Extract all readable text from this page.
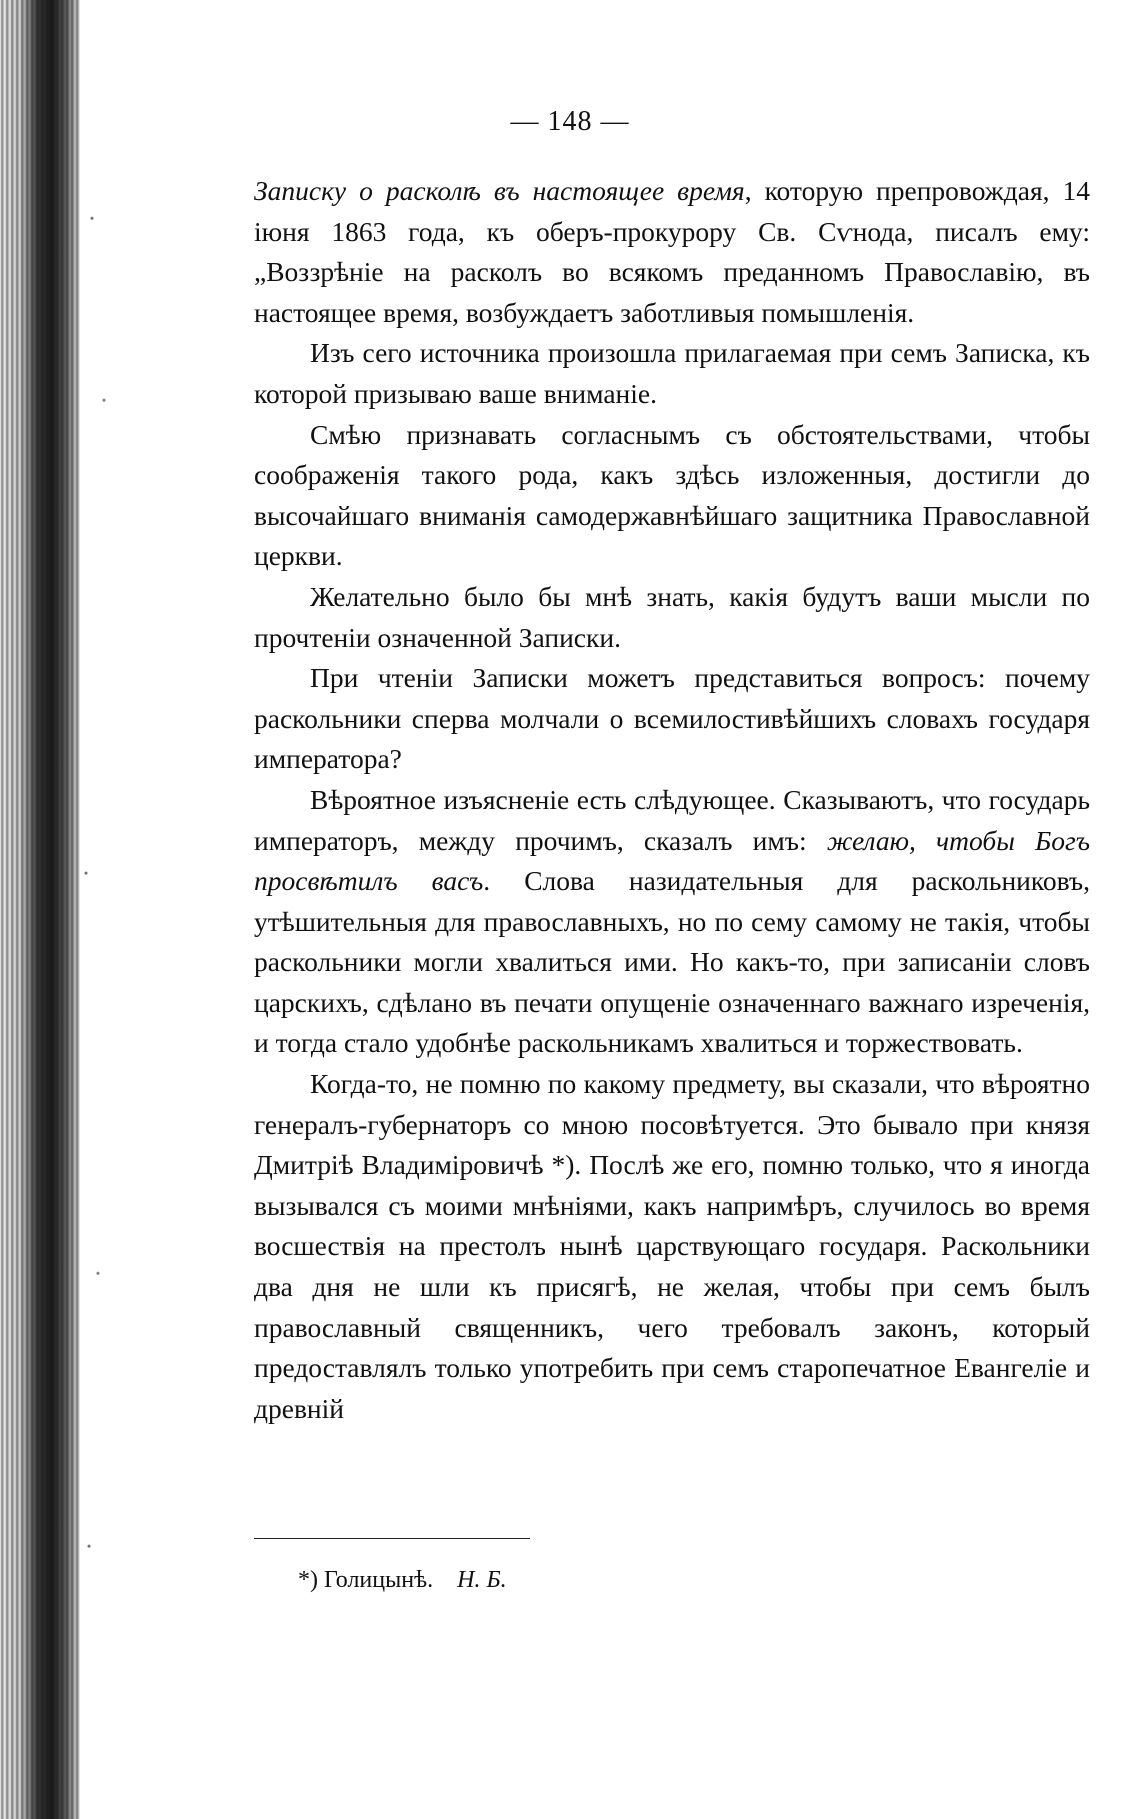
— 148 —

Записку о расколѣ въ настоящее время, которую препровождая, 14 іюня 1863 года, къ оберъ-прокурору Св. Сѵнода, писалъ ему: „Воззрѣніе на расколъ во всякомъ преданномъ Православію, въ настоящее время, возбуждаетъ заботливыя помышленія.

Изъ сего источника произошла прилагаемая при семъ Записка, къ которой призываю ваше вниманіе.

Смѣю признавать согласнымъ съ обстоятельствами, чтобы соображенія такого рода, какъ здѣсь изложенныя, достигли до высочайшаго вниманія самодержавнѣйшаго защитника Православной церкви.

Желательно было бы мнѣ знать, какія будутъ ваши мысли по прочтеніи означенной Записки.

При чтеніи Записки можетъ представиться вопросъ: почему раскольники сперва молчали о всемилостивѣйшихъ словахъ государя императора?

Вѣроятное изъясненіе есть слѣдующее. Сказываютъ, что государь императоръ, между прочимъ, сказалъ имъ: желаю, чтобы Богъ просвѣтилъ васъ. Слова назидательныя для раскольниковъ, утѣшительныя для православныхъ, но по сему самому не такія, чтобы раскольники могли хвалиться ими. Но какъ-то, при записаніи словъ царскихъ, сдѣлано въ печати опущеніе означеннаго важнаго изреченія, и тогда стало удобнѣе раскольникамъ хвалиться и торжествовать.

Когда-то, не помню по какому предмету, вы сказали, что вѣроятно генералъ-губернаторъ со мною посовѣтуется. Это бывало при князя Дмитріѣ Владиміровичѣ *). Послѣ же его, помню только, что я иногда вызывался съ моими мнѣніями, какъ напримѣръ, случилось во время восшествія на престолъ нынѣ царствующаго государя. Раскольники два дня не шли къ присягѣ, не желая, чтобы при семъ былъ православный священникъ, чего требовалъ законъ, который предоставлялъ только употребить при семъ старопечатное Евангеліе и древній

*) Голицынѣ. Н. Б.
